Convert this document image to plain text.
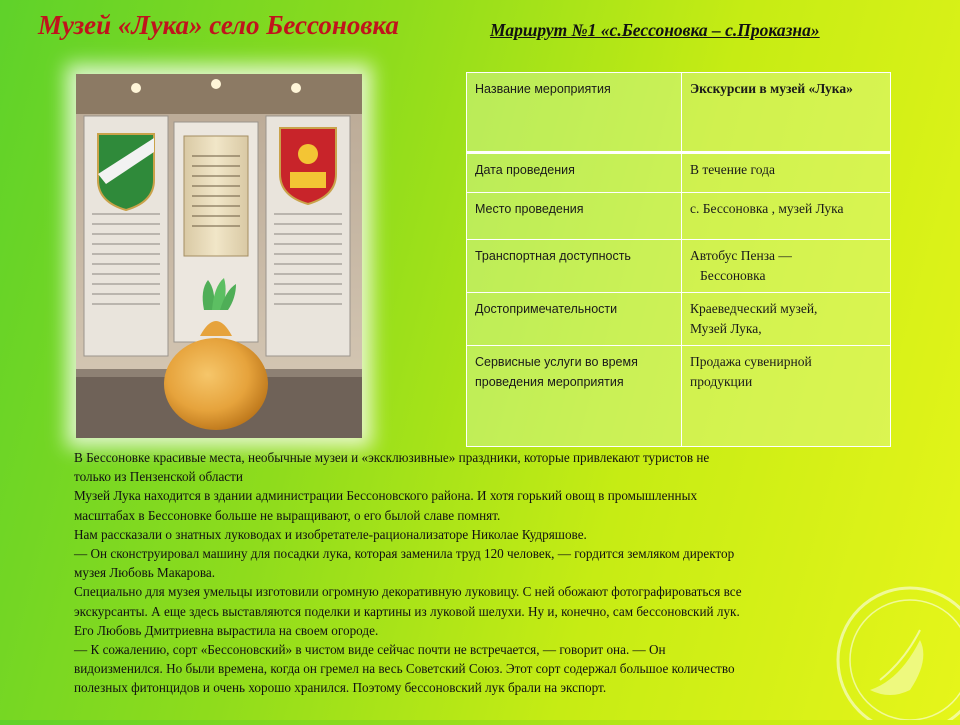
Музей «Лука» село Бессоновка	Маршрут №1 «с.Бессоновка – с.Проказна»
Название мероприятия	Экскурсии в музей «Лука»

Дата проведения	В течение года

Место проведения	с. Бессоновка , музей Лука

Транспортная доступность	Автобус Пенза —
Бессоновка

Достопримечательности	Краеведческий музей,
Музей Лука,

Сервисные услуги во время проведения мероприятия	Продажа сувенирной
продукции

В Бессоновке красивые места, необычные музеи и «эксклюзивные» праздники, которые привлекают туристов не

только из Пензенской области

Музей Лука находится в здании администрации Бессоновского района. И хотя горький овощ в промышленных

масштабах в Бессоновке больше не выращивают, о его былой славе помнят.

Нам рассказали о знатных луководах и изобретателе-рационализаторе Николае Кудряшове.

— Он сконструировал машину для посадки лука, которая заменила труд 120 человек, — гордится земляком директор

музея Любовь Макарова.

Специально для музея умельцы изготовили огромную декоративную луковицу. С ней обожают фотографироваться все

экскурсанты. А еще здесь выставляются поделки и картины из луковой шелухи. Ну и, конечно, сам бессоновский лук.

Его Любовь Дмитриевна вырастила на своем огороде.

— К сожалению, сорт «Бессоновский» в чистом виде сейчас почти не встречается, — говорит она. — Он

видоизменился. Но были времена, когда он гремел на весь Советский Союз. Этот сорт содержал большое количество

полезных фитонцидов и очень хорошо хранился. Поэтому бессоновский лук брали на экспорт.
